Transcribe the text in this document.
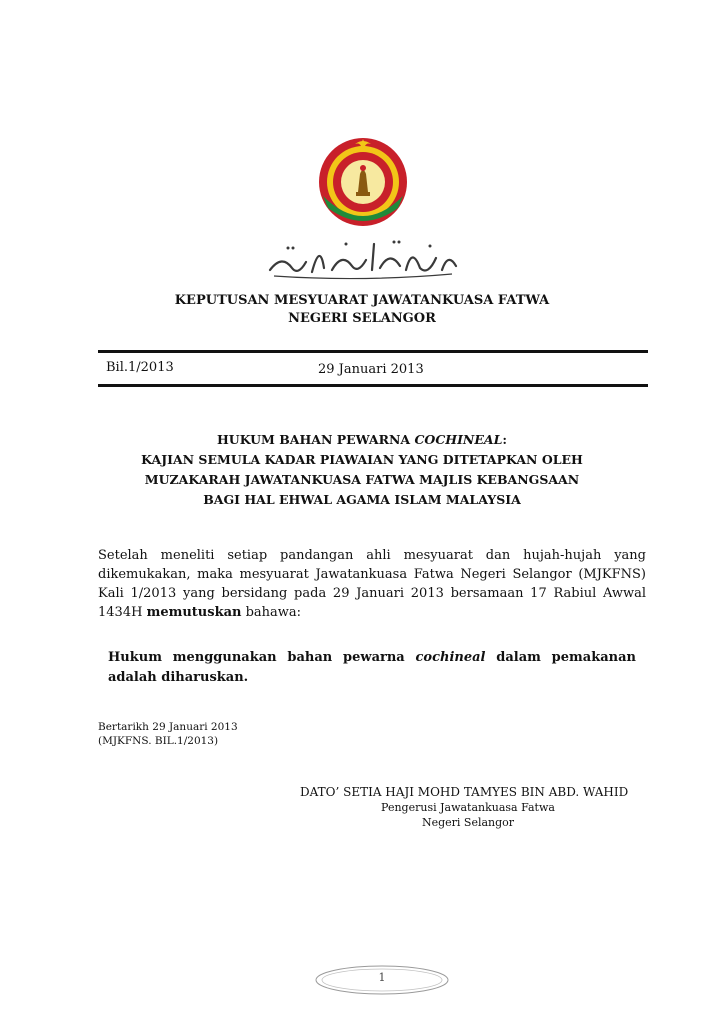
KEPUTUSAN MESYUARAT JAWATANKUASA FATWA
NEGERI SELANGOR
Bil.1/2013	29 Januari 2013
HUKUM BAHAN PEWARNA COCHINEAL:
KAJIAN SEMULA KADAR PIAWAIAN YANG DITETAPKAN OLEH
MUZAKARAH JAWATANKUASA FATWA MAJLIS KEBANGSAAN
BAGI HAL EHWAL AGAMA ISLAM MALAYSIA
Setelah meneliti setiap pandangan ahli mesyuarat dan hujah-hujah yang dikemukakan, maka mesyuarat Jawatankuasa Fatwa Negeri Selangor (MJKFNS) Kali 1/2013 yang bersidang pada 29 Januari 2013 bersamaan 17 Rabiul Awwal 1434H memutuskan bahawa:
Hukum menggunakan bahan pewarna cochineal dalam pemakanan adalah diharuskan.
Bertarikh 29 Januari 2013
(MJKFNS. BIL.1/2013)
DATO’ SETIA HAJI MOHD TAMYES BIN ABD. WAHID
Pengerusi Jawatankuasa Fatwa
Negeri Selangor
1
